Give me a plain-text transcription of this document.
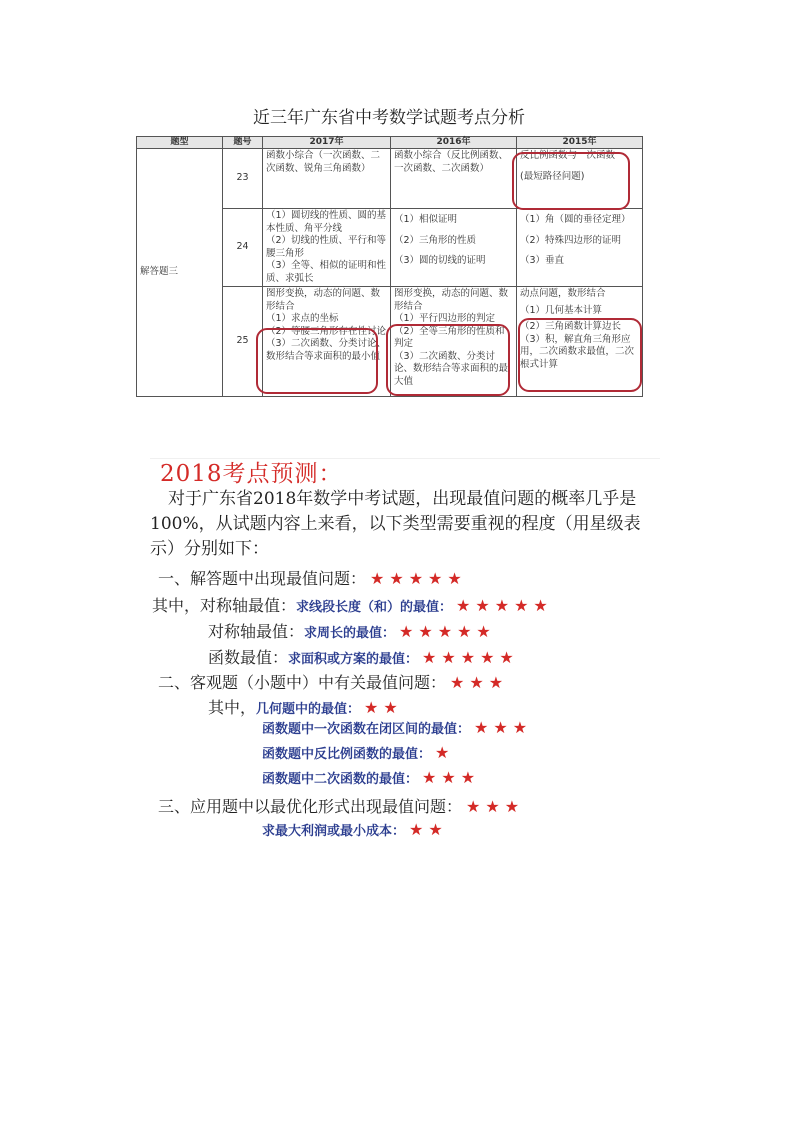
近三年广东省中考数学试题考点分析
题型	题号	2017年	2016年	2015年
解答题三	23	函数小综合（一次函数、二次函数、锐角三角函数）	函数小综合（反比例函数、一次函数、二次函数）	反比例函数与一次函数
(最短路径问题)

	24	（1）圆切线的性质、圆的基本性质、角平分线
（2）切线的性质、平行和等腰三角形
（3）全等、相似的证明和性质、求弧长	（1）相似证明
（2）三角形的性质
（3）圆的切线的证明	（1）角（圆的垂径定理）
（2）特殊四边形的证明
（3）垂直

	25	图形变换，动态的问题、数形结合
（1）求点的坐标
（2）等腰三角形存在性讨论
（3）二次函数、分类讨论、数形结合等求面积的最小值	图形变换，动态的问题、数形结合
（1）平行四边形的判定
（2）全等三角形的性质和判定
（3）二次函数、分类讨论、数形结合等求面积的最大值	动点问题，数形结合
（1）几何基本计算
（2）三角函数计算边长
（3）积，解直角三角形应用，二次函数求最值，二次根式计算
2018考点预测：
对于广东省2018年数学中考试题，出现最值问题的概率几乎是100%，从试题内容上来看，以下类型需要重视的程度（用星级表示）分别如下：
一、解答题中出现最值问题： ★★★★★
其中，对称轴最值：求线段长度（和）的最值： ★★★★★
对称轴最值：求周长的最值： ★★★★★
函数最值：求面积或方案的最值： ★★★★★
二、客观题（小题中）中有关最值问题： ★★★
其中，几何题中的最值： ★★
函数题中一次函数在闭区间的最值： ★★★
函数题中反比例函数的最值： ★
函数题中二次函数的最值： ★★★
三、应用题中以最优化形式出现最值问题： ★★★
求最大利润或最小成本： ★★
